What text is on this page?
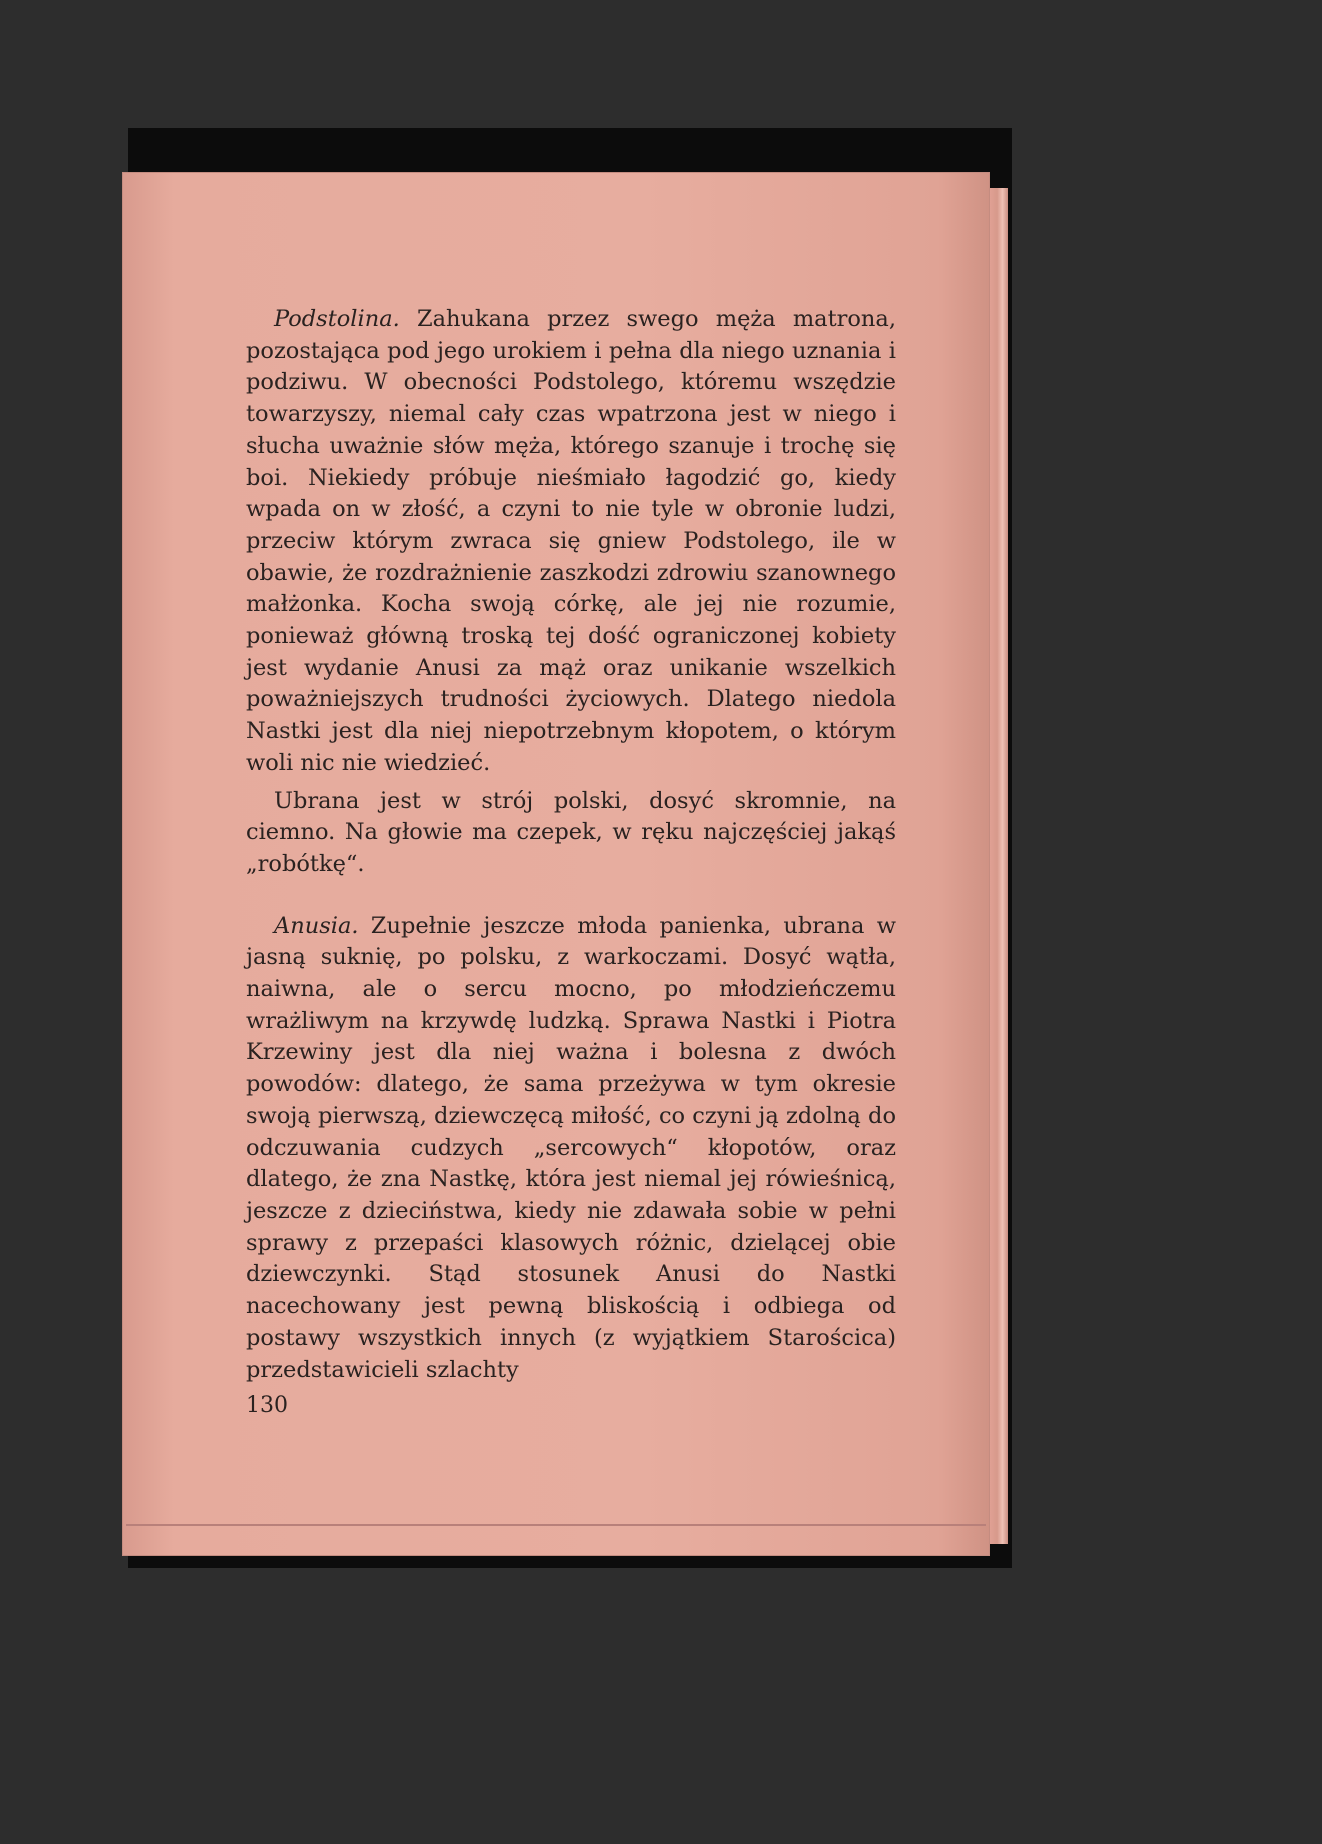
Podstolina. Zahukana przez swego męża matrona, pozostająca pod jego urokiem i pełna dla niego uznania i podziwu. W obecności Podstolego, któremu wszędzie towarzyszy, niemal cały czas wpatrzona jest w niego i słucha uważnie słów męża, którego szanuje i trochę się boi. Niekiedy próbuje nieśmiało łagodzić go, kiedy wpada on w złość, a czyni to nie tyle w obronie ludzi, przeciw którym zwraca się gniew Podstolego, ile w obawie, że rozdrażnienie zaszkodzi zdrowiu szanownego małżonka. Kocha swoją córkę, ale jej nie rozumie, ponieważ główną troską tej dość ograniczonej kobiety jest wydanie Anusi za mąż oraz unikanie wszelkich poważniejszych trudności życiowych. Dlatego niedola Nastki jest dla niej niepotrzebnym kłopotem, o którym woli nic nie wiedzieć.

Ubrana jest w strój polski, dosyć skromnie, na ciemno. Na głowie ma czepek, w ręku najczęściej jakąś „robótkę“.

Anusia. Zupełnie jeszcze młoda panienka, ubrana w jasną suknię, po polsku, z warkoczami. Dosyć wątła, naiwna, ale o sercu mocno, po młodzieńczemu wrażliwym na krzywdę ludzką. Sprawa Nastki i Piotra Krzewiny jest dla niej ważna i bolesna z dwóch powodów: dlatego, że sama przeżywa w tym okresie swoją pierwszą, dziewczęcą miłość, co czyni ją zdolną do odczuwania cudzych „sercowych“ kłopotów, oraz dlatego, że zna Nastkę, która jest niemal jej rówieśnicą, jeszcze z dzieciństwa, kiedy nie zdawała sobie w pełni sprawy z przepaści klasowych różnic, dzielącej obie dziewczynki. Stąd stosunek Anusi do Nastki nacechowany jest pewną bliskością i odbiega od postawy wszystkich innych (z wyjątkiem Starościca) przedstawicieli szlachty

130
